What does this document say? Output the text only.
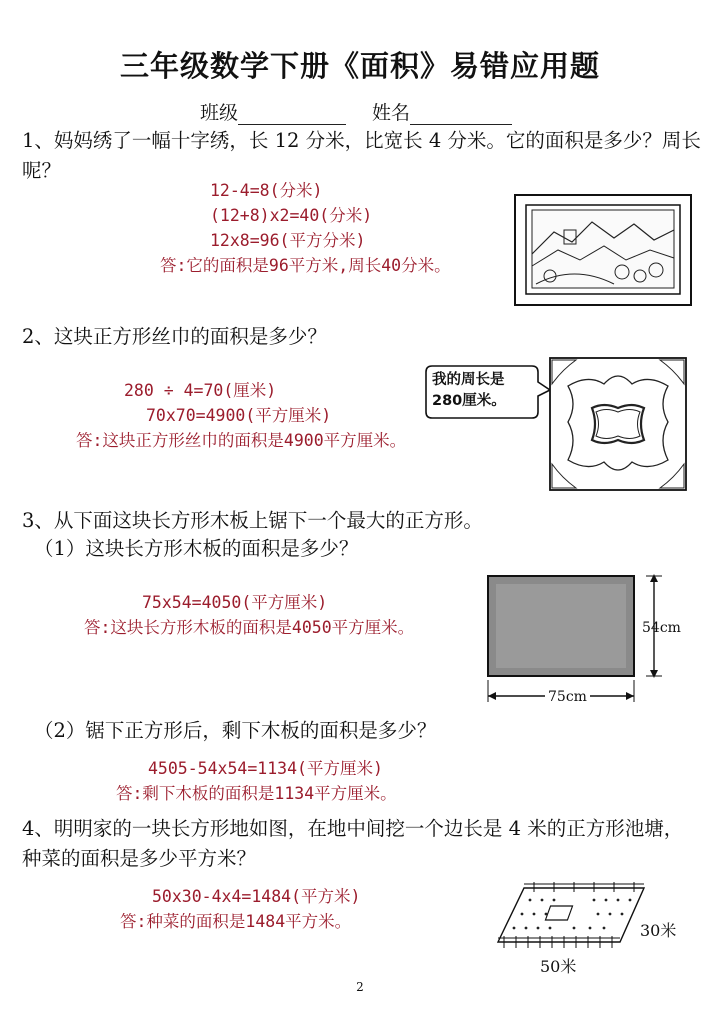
三年级数学下册《面积》易错应用题
班级	姓名
1、妈妈绣了一幅十字绣，长 12 分米，比宽长 4 分米。它的面积是多少？周长呢？
12-4=8(分米)
(12+8)x2=40(分米)
12x8=96(平方分米)
答:它的面积是96平方米,周长40分米。
2、这块正方形丝巾的面积是多少？
280 ÷ 4=70(厘米)
70x70=4900(平方厘米)
答:这块正方形丝巾的面积是4900平方厘米。
我的周长是
280厘米。
3、从下面这块长方形木板上锯下一个最大的正方形。
（1）这块长方形木板的面积是多少？
75x54=4050(平方厘米)
答:这块长方形木板的面积是4050平方厘米。	54cm
75cm
（2）锯下正方形后，剩下木板的面积是多少？
4505-54x54=1134(平方厘米)
答:剩下木板的面积是1134平方厘米。
4、明明家的一块长方形地如图，在地中间挖一个边长是 4 米的正方形池塘，种菜的面积是多少平方米？
50x30-4x4=1484(平方米)
答:种菜的面积是1484平方米。	30米
50米
2
